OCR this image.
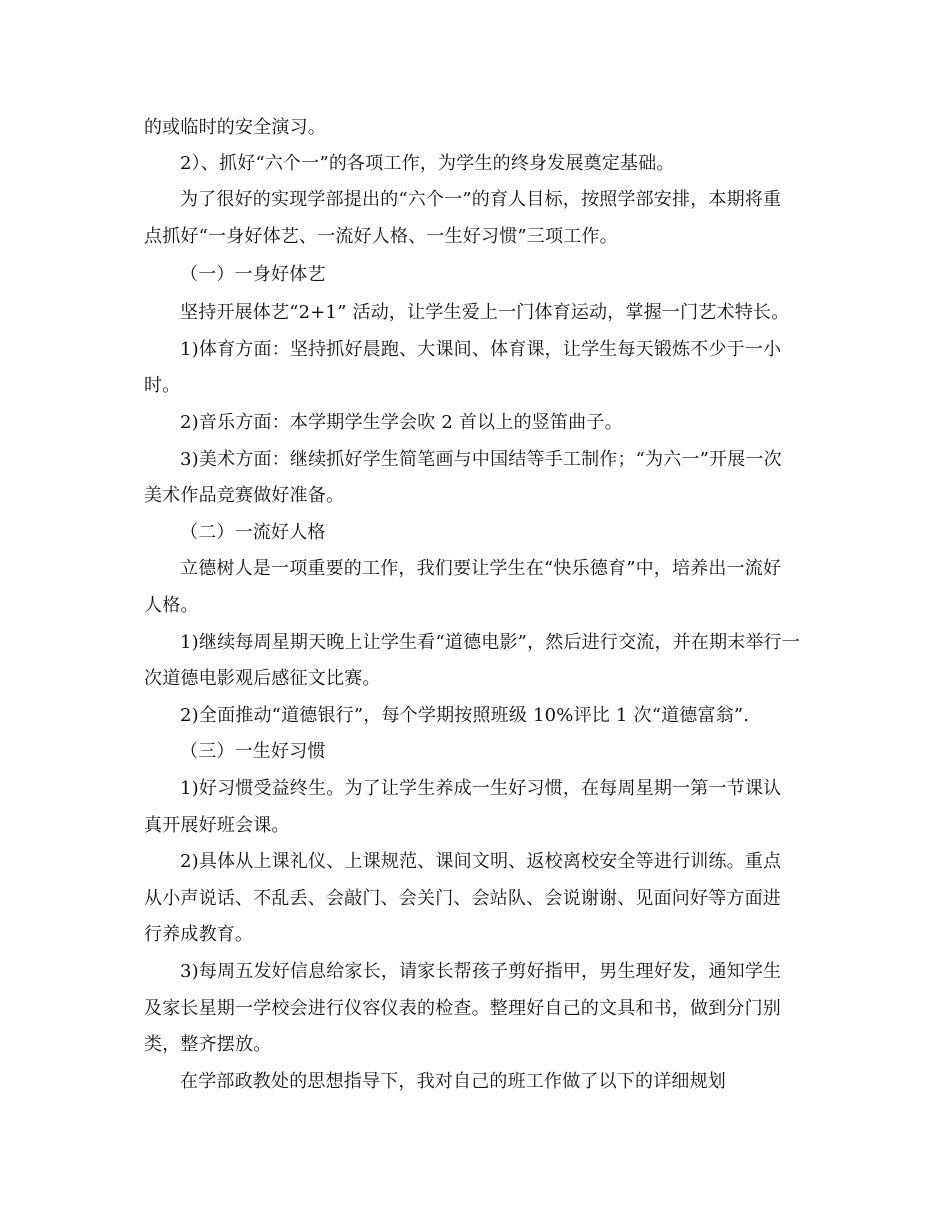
的或临时的安全演习。
2）、抓好“六个一”的各项工作，为学生的终身发展奠定基础。
为了很好的实现学部提出的“六个一”的育人目标，按照学部安排，本期将重
点抓好“一身好体艺、一流好人格、一生好习惯”三项工作。
（一）一身好体艺
坚持开展体艺“2+1” 活动，让学生爱上一门体育运动，掌握一门艺术特长。
1)体育方面：坚持抓好晨跑、大课间、体育课，让学生每天锻炼不少于一小
时。
2)音乐方面：本学期学生学会吹 2 首以上的竖笛曲子。
3)美术方面：继续抓好学生简笔画与中国结等手工制作；“为六一”开展一次
美术作品竞赛做好准备。
（二）一流好人格
立德树人是一项重要的工作，我们要让学生在“快乐德育”中，培养出一流好
人格。
1)继续每周星期天晚上让学生看“道德电影”，然后进行交流，并在期末举行一
次道德电影观后感征文比赛。
2)全面推动“道德银行”，每个学期按照班级 10%评比 1 次“道德富翁”.
（三）一生好习惯
1)好习惯受益终生。为了让学生养成一生好习惯，在每周星期一第一节课认
真开展好班会课。
2)具体从上课礼仪、上课规范、课间文明、返校离校安全等进行训练。重点
从小声说话、不乱丢、会敲门、会关门、会站队、会说谢谢、见面问好等方面进
行养成教育。
3)每周五发好信息给家长，请家长帮孩子剪好指甲，男生理好发，通知学生
及家长星期一学校会进行仪容仪表的检查。整理好自己的文具和书，做到分门别
类，整齐摆放。
在学部政教处的思想指导下，我对自己的班工作做了以下的详细规划
